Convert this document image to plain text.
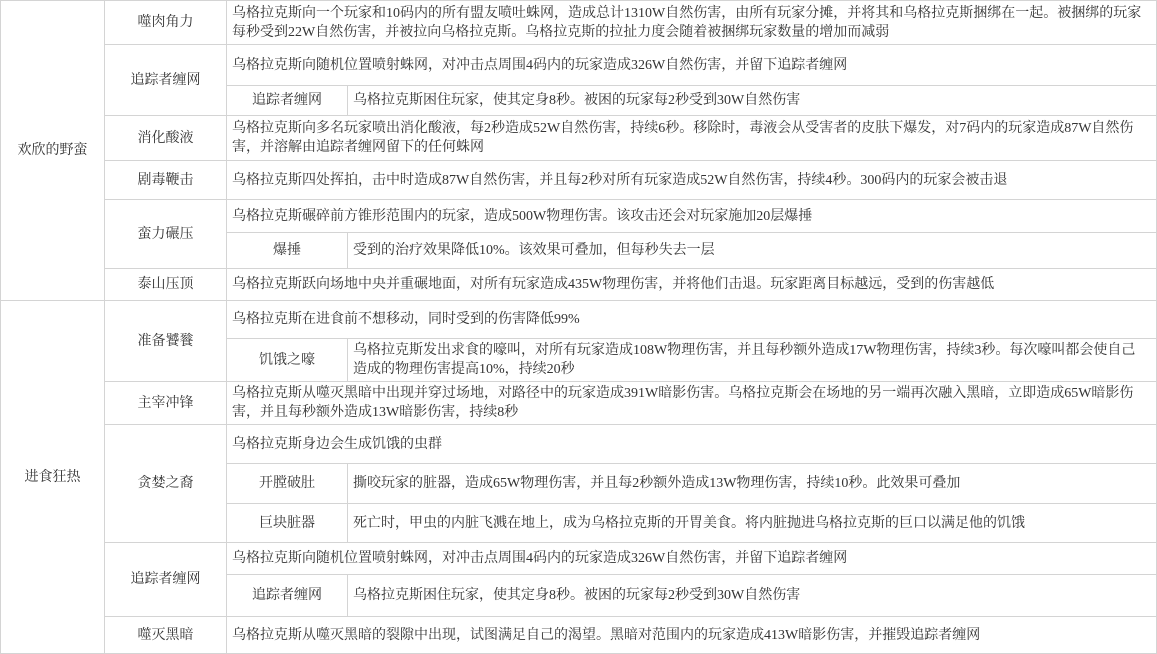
欢欣的野蛮	噬肉角力	乌格拉克斯向一个玩家和10码内的所有盟友喷吐蛛网，造成总计1310W自然伤害，由所有玩家分摊，并将其和乌格拉克斯捆绑在一起。被捆绑的玩家每秒受到22W自然伤害，并被拉向乌格拉克斯。乌格拉克斯的拉扯力度会随着被捆绑玩家数量的增加而减弱	
	追踪者缠网	乌格拉克斯向随机位置喷射蛛网，对冲击点周围4码内的玩家造成326W自然伤害，并留下追踪者缠网	
		追踪者缠网	乌格拉克斯困住玩家，使其定身8秒。被困的玩家每2秒受到30W自然伤害
	消化酸液	乌格拉克斯向多名玩家喷出消化酸液，每2秒造成52W自然伤害，持续6秒。移除时，毒液会从受害者的皮肤下爆发，对7码内的玩家造成87W自然伤害，并溶解由追踪者缠网留下的任何蛛网	
	剧毒鞭击	乌格拉克斯四处挥拍，击中时造成87W自然伤害，并且每2秒对所有玩家造成52W自然伤害，持续4秒。300码内的玩家会被击退	
	蛮力碾压	乌格拉克斯碾碎前方锥形范围内的玩家，造成500W物理伤害。该攻击还会对玩家施加20层爆捶	
		爆捶	受到的治疗效果降低10%。该效果可叠加，但每秒失去一层
	泰山压顶	乌格拉克斯跃向场地中央并重碾地面，对所有玩家造成435W物理伤害，并将他们击退。玩家距离目标越远，受到的伤害越低	
进食狂热	准备饕餮	乌格拉克斯在进食前不想移动，同时受到的伤害降低99%	
		饥饿之嚎	乌格拉克斯发出求食的嚎叫，对所有玩家造成108W物理伤害，并且每秒额外造成17W物理伤害，持续3秒。每次嚎叫都会使自己造成的物理伤害提高10%，持续20秒
	主宰冲锋	乌格拉克斯从噬灭黑暗中出现并穿过场地，对路径中的玩家造成391W暗影伤害。乌格拉克斯会在场地的另一端再次融入黑暗，立即造成65W暗影伤害，并且每秒额外造成13W暗影伤害，持续8秒	
	贪婪之裔	乌格拉克斯身边会生成饥饿的虫群	
		开膛破肚	撕咬玩家的脏器，造成65W物理伤害，并且每2秒额外造成13W物理伤害，持续10秒。此效果可叠加
		巨块脏器	死亡时，甲虫的内脏飞溅在地上，成为乌格拉克斯的开胃美食。将内脏抛进乌格拉克斯的巨口以满足他的饥饿
	追踪者缠网	乌格拉克斯向随机位置喷射蛛网，对冲击点周围4码内的玩家造成326W自然伤害，并留下追踪者缠网	
		追踪者缠网	乌格拉克斯困住玩家，使其定身8秒。被困的玩家每2秒受到30W自然伤害
	噬灭黑暗	乌格拉克斯从噬灭黑暗的裂隙中出现，试图满足自己的渴望。黑暗对范围内的玩家造成413W暗影伤害，并摧毁追踪者缠网	
